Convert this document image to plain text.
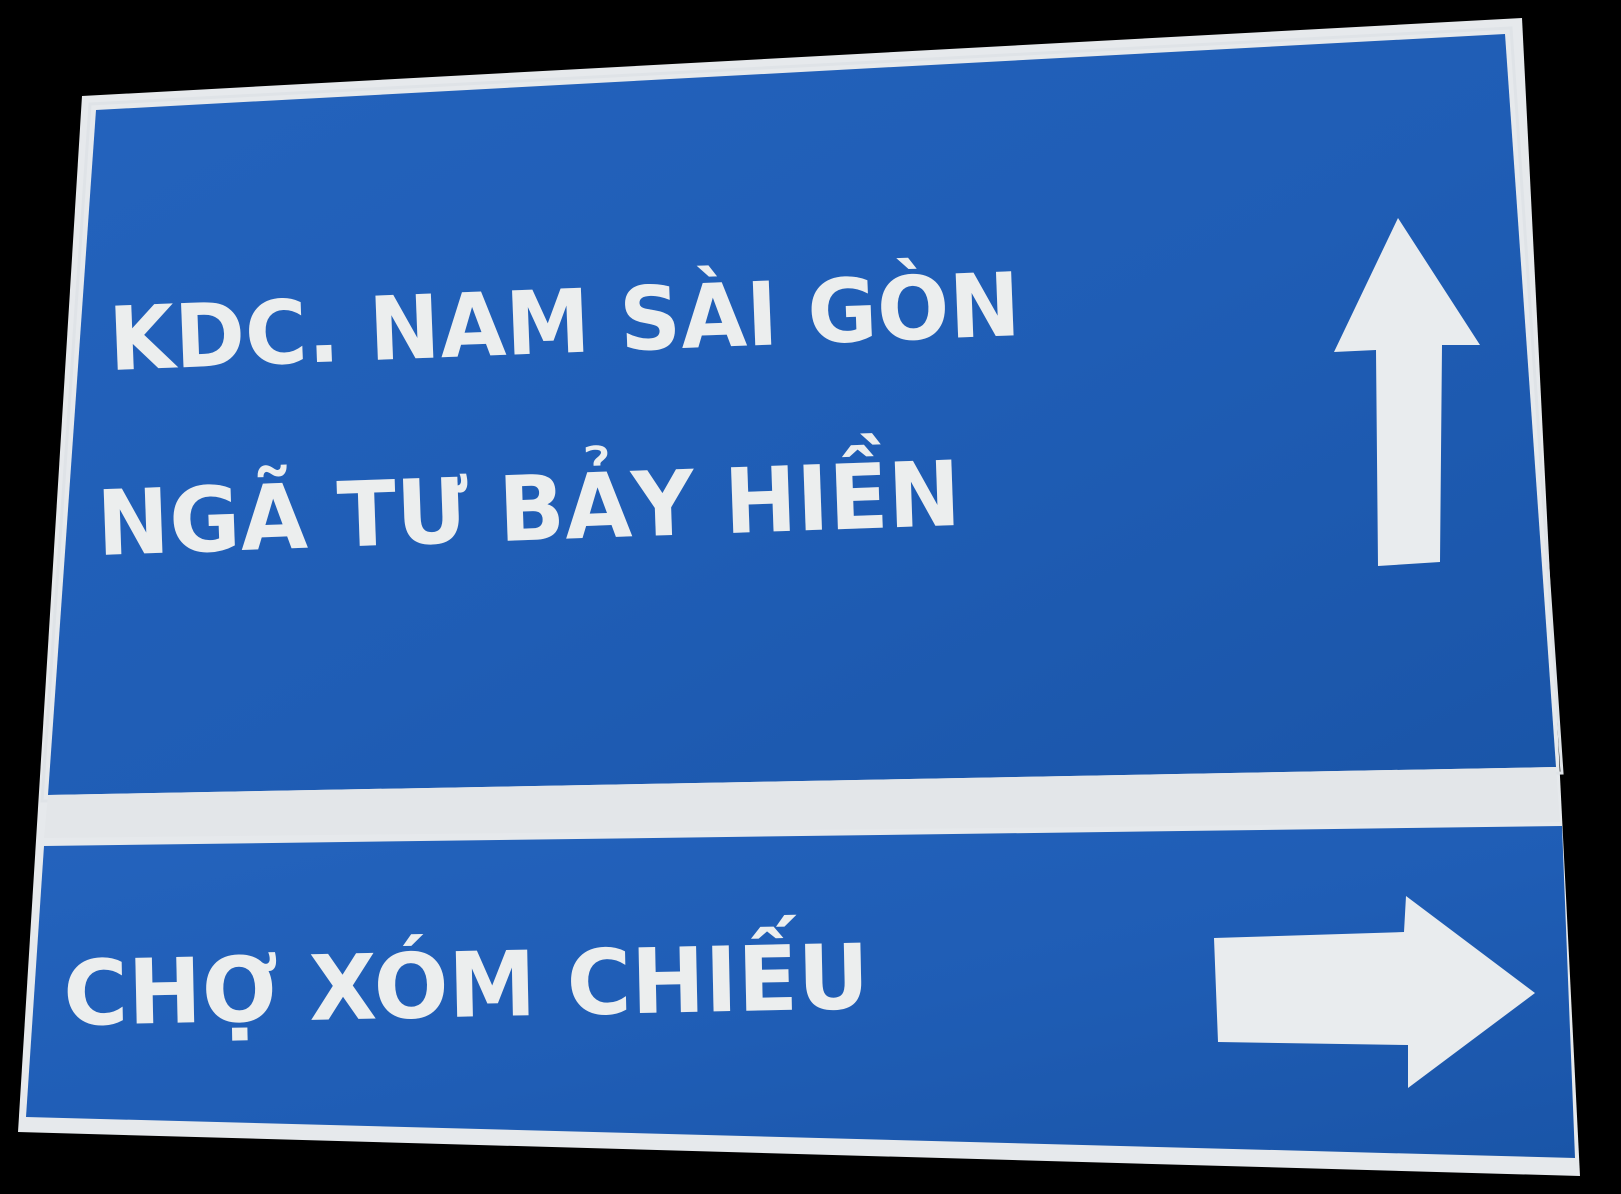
KDC. NAM SÀI GÒN
NGÃ TƯ BẢY HIỀN
CHỢ XÓM CHIẾU
